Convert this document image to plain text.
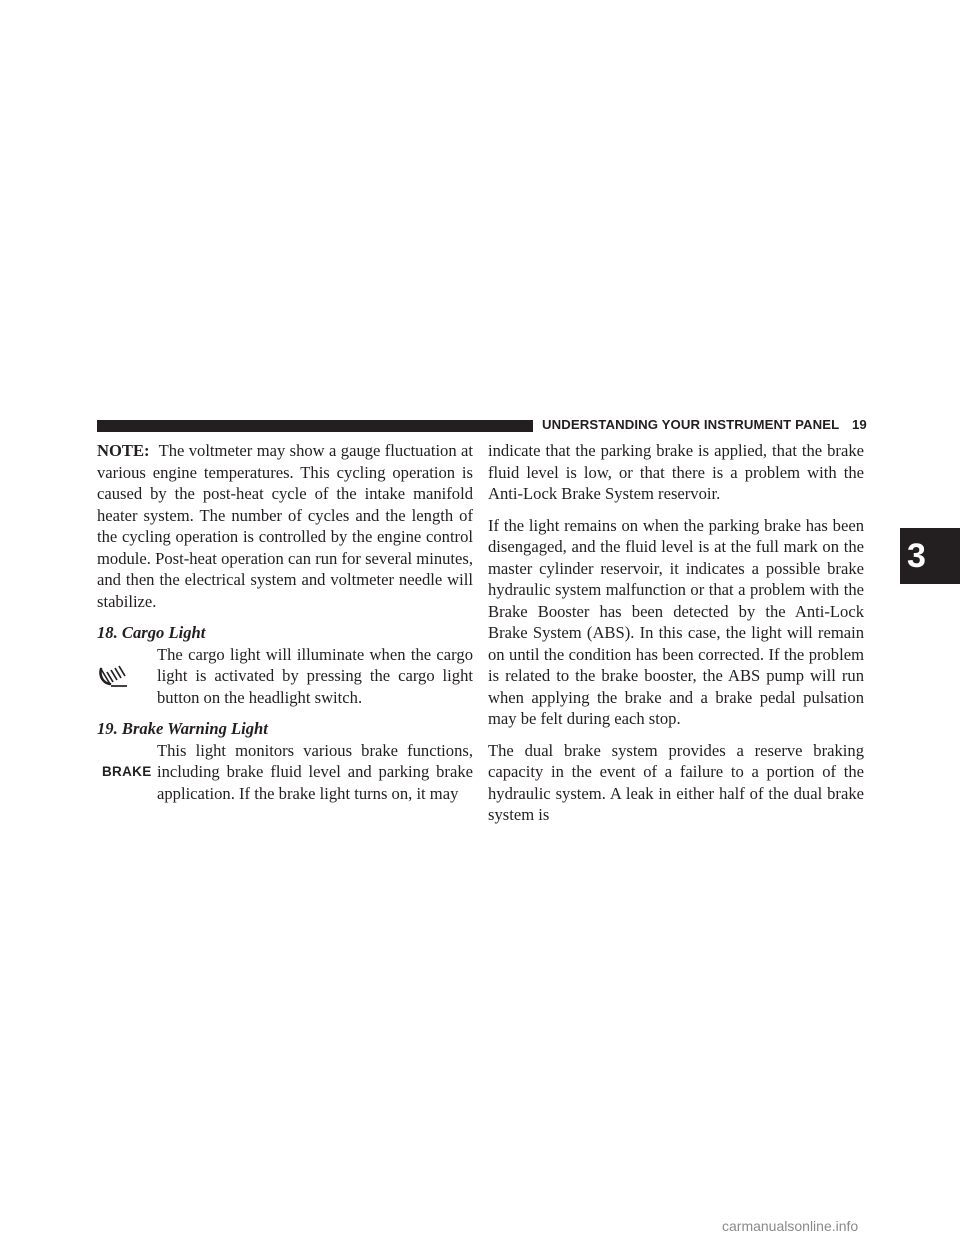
UNDERSTANDING YOUR INSTRUMENT PANEL 19

NOTE: The voltmeter may show a gauge fluctuation at various engine temperatures. This cycling operation is caused by the post-heat cycle of the intake manifold heater system. The number of cycles and the length of the cycling operation is controlled by the engine control module. Post-heat operation can run for several minutes, and then the electrical system and voltmeter needle will stabilize.

18. Cargo Light
The cargo light will illuminate when the cargo light is activated by pressing the cargo light button on the headlight switch.
19. Brake Warning Light
BRAKE
This light monitors various brake functions, including brake fluid level and parking brake application. If the brake light turns on, it may

indicate that the parking brake is applied, that the brake fluid level is low, or that there is a problem with the Anti-Lock Brake System reservoir.

If the light remains on when the parking brake has been disengaged, and the fluid level is at the full mark on the master cylinder reservoir, it indicates a possible brake hydraulic system malfunction or that a problem with the Brake Booster has been detected by the Anti-Lock Brake System (ABS). In this case, the light will remain on until the condition has been corrected. If the problem is related to the brake booster, the ABS pump will run when applying the brake and a brake pedal pulsation may be felt during each stop.

The dual brake system provides a reserve braking capacity in the event of a failure to a portion of the hydraulic system. A leak in either half of the dual brake system is

3
carmanualsonline.info
